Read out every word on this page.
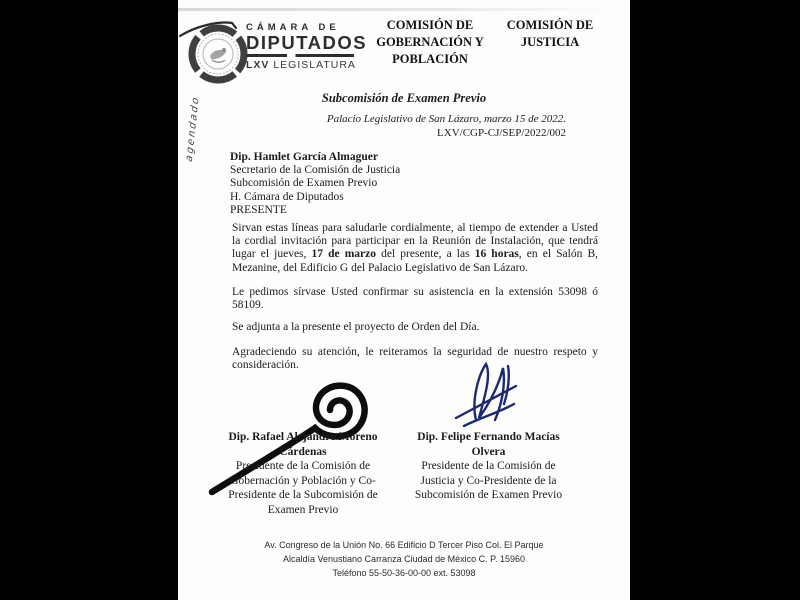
CÁMARA DE
DIPUTADOS
LXV LEGISLATURA
COMISIÓN DE
GOBERNACIÓN Y
POBLACIÓN
COMISIÓN DE
JUSTICIA
Subcomisión de Examen Previo
Palacio Legislativo de San Lázaro, marzo 15 de 2022.
LXV/CGP-CJ/SEP/2022/002
agendado Dip. Hamlet García Almaguer
Secretario de la Comisión de Justicia
Subcomisión de Examen Previo
H. Cámara de Diputados
PRESENTE
Sirvan estas líneas para saludarle cordialmente, al tiempo de extender a Usted la cordial invitación para participar en la Reunión de Instalación, que tendrá lugar el jueves, 17 de marzo del presente, a las 16 horas, en el Salón B, Mezanine, del Edificio G del Palacio Legislativo de San Lázaro.
Le pedimos sírvase Usted confirmar su asistencia en la extensión 53098 ó 58109.
Se adjunta a la presente el proyecto de Orden del Día.
Agradeciendo su atención, le reiteramos la seguridad de nuestro respeto y consideración.
Dip. Rafael Alejandro Moreno Cárdenas
Presidente de la Comisión de Gobernación y Población y Co-Presidente de la Subcomisión de Examen Previo
Dip. Felipe Fernando Macías Olvera
Presidente de la Comisión de Justicia y Co-Presidente de la Subcomisión de Examen Previo
Av. Congreso de la Unión No. 66 Edificio D Tercer Piso Col. El Parque
Alcaldía Venustiano Carranza Ciudad de México C. P. 15960
Teléfono 55-50-36-00-00 ext. 53098
